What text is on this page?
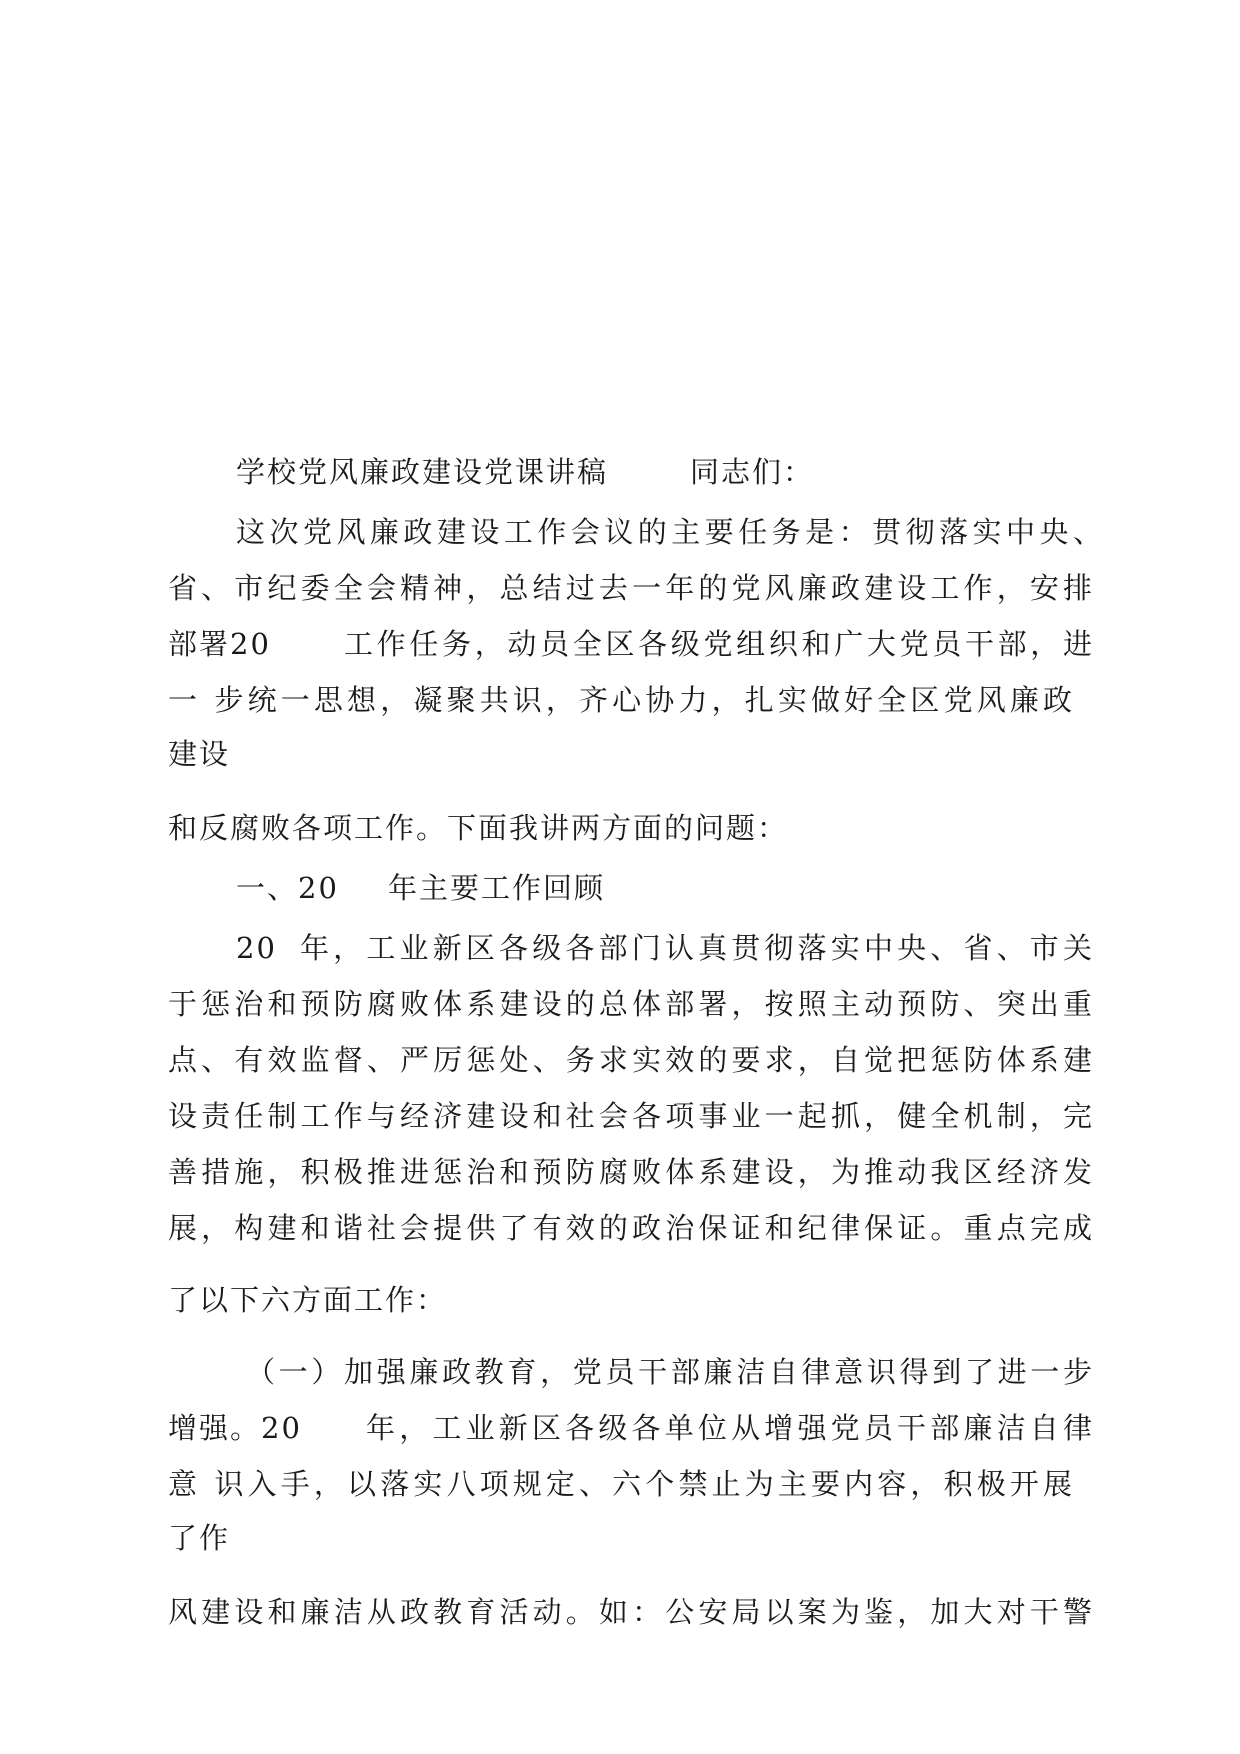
学校党风廉政建设党课讲稿	同志们：
这次党风廉政建设工作会议的主要任务是：贯彻落实中央、
省、市纪委全会精神，总结过去一年的党风廉政建设工作，安排
部署20	工作任务，动员全区各级党组织和广大党员干部，进
一 步统一思想，凝聚共识，齐心协力，扎实做好全区党风廉政
建设
和反腐败各项工作。下面我讲两方面的问题：
一、20 年主要工作回顾
20 年，工业新区各级各部门认真贯彻落实中央、省、市关
于惩治和预防腐败体系建设的总体部署，按照主动预防、突出重
点、有效监督、严厉惩处、务求实效的要求，自觉把惩防体系建
设责任制工作与经济建设和社会各项事业一起抓，健全机制，完
善措施，积极推进惩治和预防腐败体系建设，为推动我区经济发
展，构建和谐社会提供了有效的政治保证和纪律保证。重点完成
了以下六方面工作：
（一）加强廉政教育，党员干部廉洁自律意识得到了进一步
增强。20 年，工业新区各级各单位从增强党员干部廉洁自律
意 识入手，以落实八项规定、六个禁止为主要内容，积极开展
了作
风建设和廉洁从政教育活动。如：公安局以案为鉴，加大对干警
